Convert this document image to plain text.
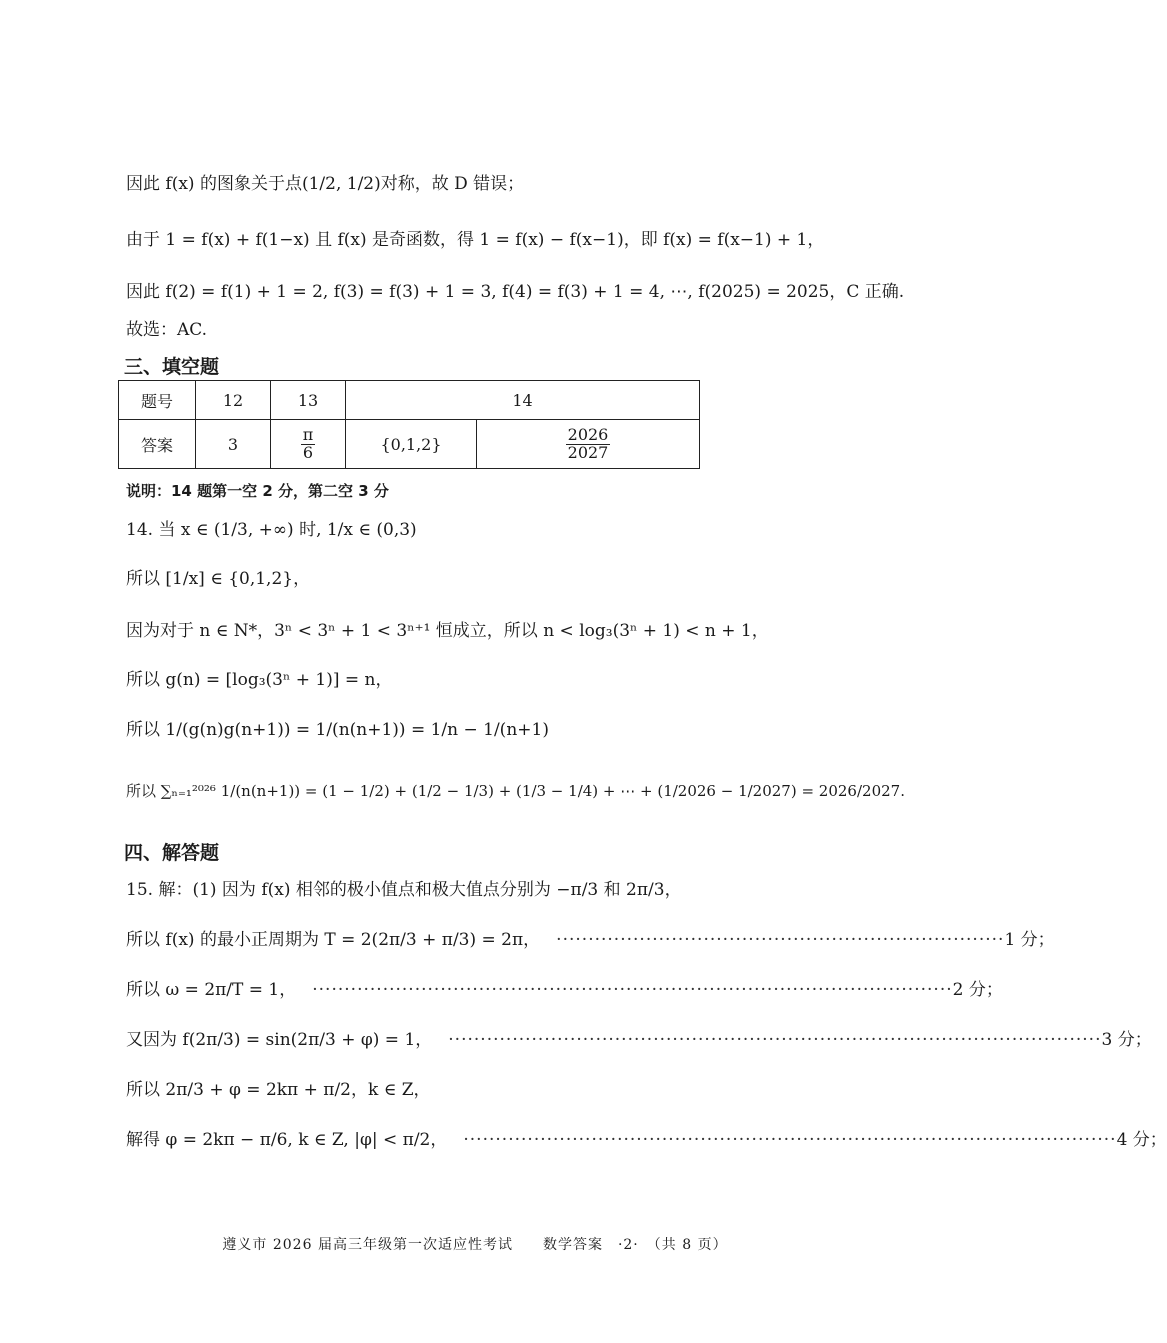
因此 f(x) 的图象关于点(1/2, 1/2)对称，故 D 错误；
由于 1 = f(x) + f(1−x) 且 f(x) 是奇函数，得 1 = f(x) − f(x−1)，即 f(x) = f(x−1) + 1，
因此 f(2) = f(1) + 1 = 2, f(3) = f(3) + 1 = 3, f(4) = f(3) + 1 = 4, ⋯, f(2025) = 2025，C 正确.
故选：AC.
三、填空题
题号	12	13	14	
答案	3	$\frac{\pi}{6}$	{0,1,2}	$\frac{2026}{2027}$
说明：14 题第一空 2 分，第二空 3 分
14. 当 x ∈ (1/3, +∞) 时, 1/x ∈ (0,3)
所以 [1/x] ∈ {0,1,2}，
因为对于 n ∈ N*，3ⁿ < 3ⁿ + 1 < 3ⁿ⁺¹ 恒成立，所以 n < log₃(3ⁿ + 1) < n + 1，
所以 g(n) = [log₃(3ⁿ + 1)] = n，
所以 1/(g(n)g(n+1)) = 1/(n(n+1)) = 1/n − 1/(n+1)
所以 ∑ₙ₌₁²⁰²⁶ 1/(n(n+1)) = (1 − 1/2) + (1/2 − 1/3) + (1/3 − 1/4) + ⋯ + (1/2026 − 1/2027) = 2026/2027.
四、解答题
15. 解：(1) 因为 f(x) 相邻的极小值点和极大值点分别为 −π/3 和 2π/3，
所以 f(x) 的最小正周期为 T = 2(2π/3 + π/3) = 2π， ······································································ 1 分；
所以 ω = 2π/T = 1， ···································································································· 2 分；
又因为 f(2π/3) = sin(2π/3 + φ) = 1， ······································································································ 3 分；
所以 2π/3 + φ = 2kπ + π/2，k ∈ Z，
解得 φ = 2kπ − π/6, k ∈ Z, |φ| < π/2， ······································································································ 4 分；
遵义市 2026 届高三年级第一次适应性考试　　数学答案　·2·　（共 8 页）
